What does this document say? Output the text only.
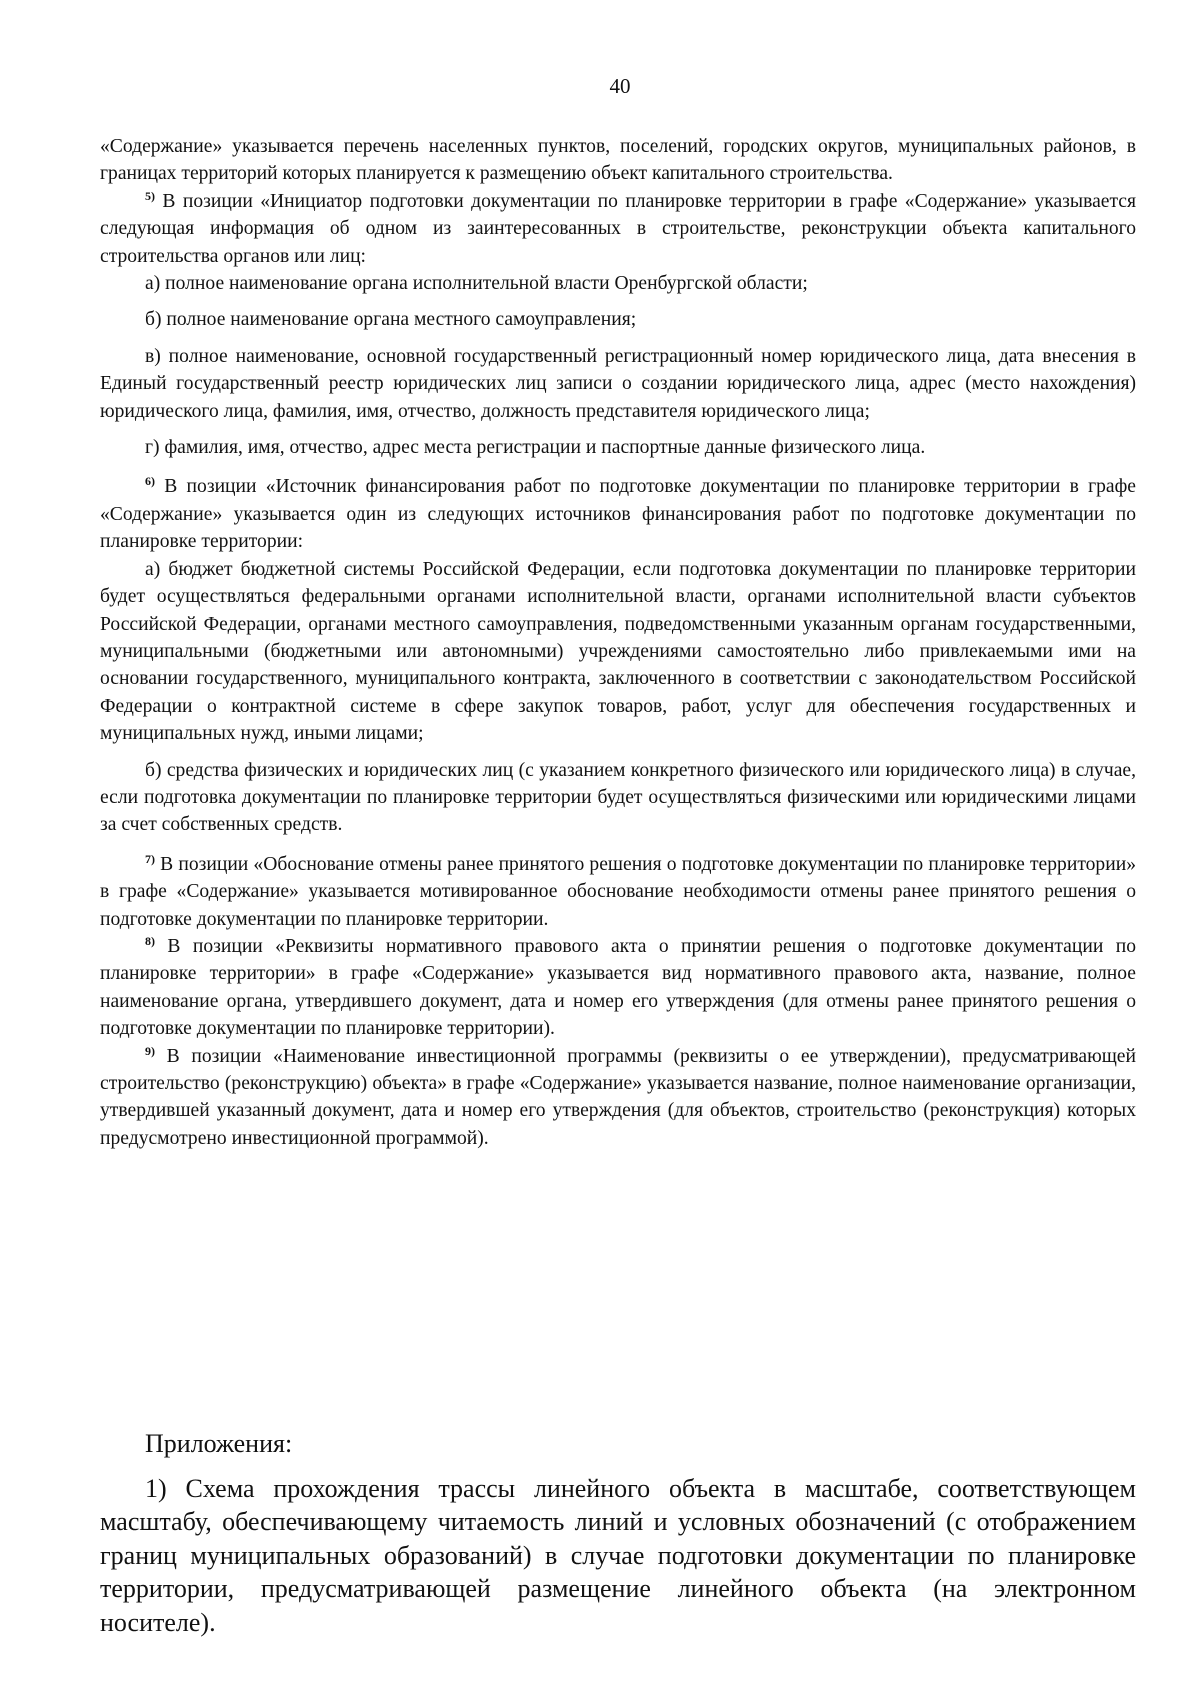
40

«Содержание» указывается перечень населенных пунктов, поселений, городских округов, муниципальных районов, в границах территорий которых планируется к размещению объект капитального строительства.

$^{5)}$ В позиции «Инициатор подготовки документации по планировке территории в графе «Содержание» указывается следующая информация об одном из заинтересованных в строительстве, реконструкции объекта капитального строительства органов или лиц:

а) полное наименование органа исполнительной власти Оренбургской области;

б) полное наименование органа местного самоуправления;

в) полное наименование, основной государственный регистрационный номер юридического лица, дата внесения в Единый государственный реестр юридических лиц записи о создании юридического лица, адрес (место нахождения) юридического лица, фамилия, имя, отчество, должность представителя юридического лица;

г) фамилия, имя, отчество, адрес места регистрации и паспортные данные физического лица.

$^{6)}$ В позиции «Источник финансирования работ по подготовке документации по планировке территории в графе «Содержание» указывается один из следующих источников финансирования работ по подготовке документации по планировке территории:

а) бюджет бюджетной системы Российской Федерации, если подготовка документации по планировке территории будет осуществляться федеральными органами исполнительной власти, органами исполнительной власти субъектов Российской Федерации, органами местного самоуправления, подведомственными указанным органам государственными, муниципальными (бюджетными или автономными) учреждениями самостоятельно либо привлекаемыми ими на основании государственного, муниципального контракта, заключенного в соответствии с законодательством Российской Федерации о контрактной системе в сфере закупок товаров, работ, услуг для обеспечения государственных и муниципальных нужд, иными лицами;

б) средства физических и юридических лиц (с указанием конкретного физического или юридического лица) в случае, если подготовка документации по планировке территории будет осуществляться физическими или юридическими лицами за счет собственных средств.

$^{7)}$ В позиции «Обоснование отмены ранее принятого решения о подготовке документации по планировке территории» в графе «Содержание» указывается мотивированное обоснование необходимости отмены ранее принятого решения о подготовке документации по планировке территории.

$^{8)}$ В позиции «Реквизиты нормативного правового акта о принятии решения о подготовке документации по планировке территории» в графе «Содержание» указывается вид нормативного правового акта, название, полное наименование органа, утвердившего документ, дата и номер его утверждения (для отмены ранее принятого решения о подготовке документации по планировке территории).

$^{9)}$ В позиции «Наименование инвестиционной программы (реквизиты о ее утверждении), предусматривающей строительство (реконструкцию) объекта» в графе «Содержание» указывается название, полное наименование организации, утвердившей указанный документ, дата и номер его утверждения (для объектов, строительство (реконструкция) которых предусмотрено инвестиционной программой).

Приложения:

1) Схема прохождения трассы линейного объекта в масштабе, соответствующем масштабу, обеспечивающему читаемость линий и условных обозначений (с отображением границ муниципальных образований) в случае подготовки документации по планировке территории, предусматривающей размещение линейного объекта (на электронном носителе).
